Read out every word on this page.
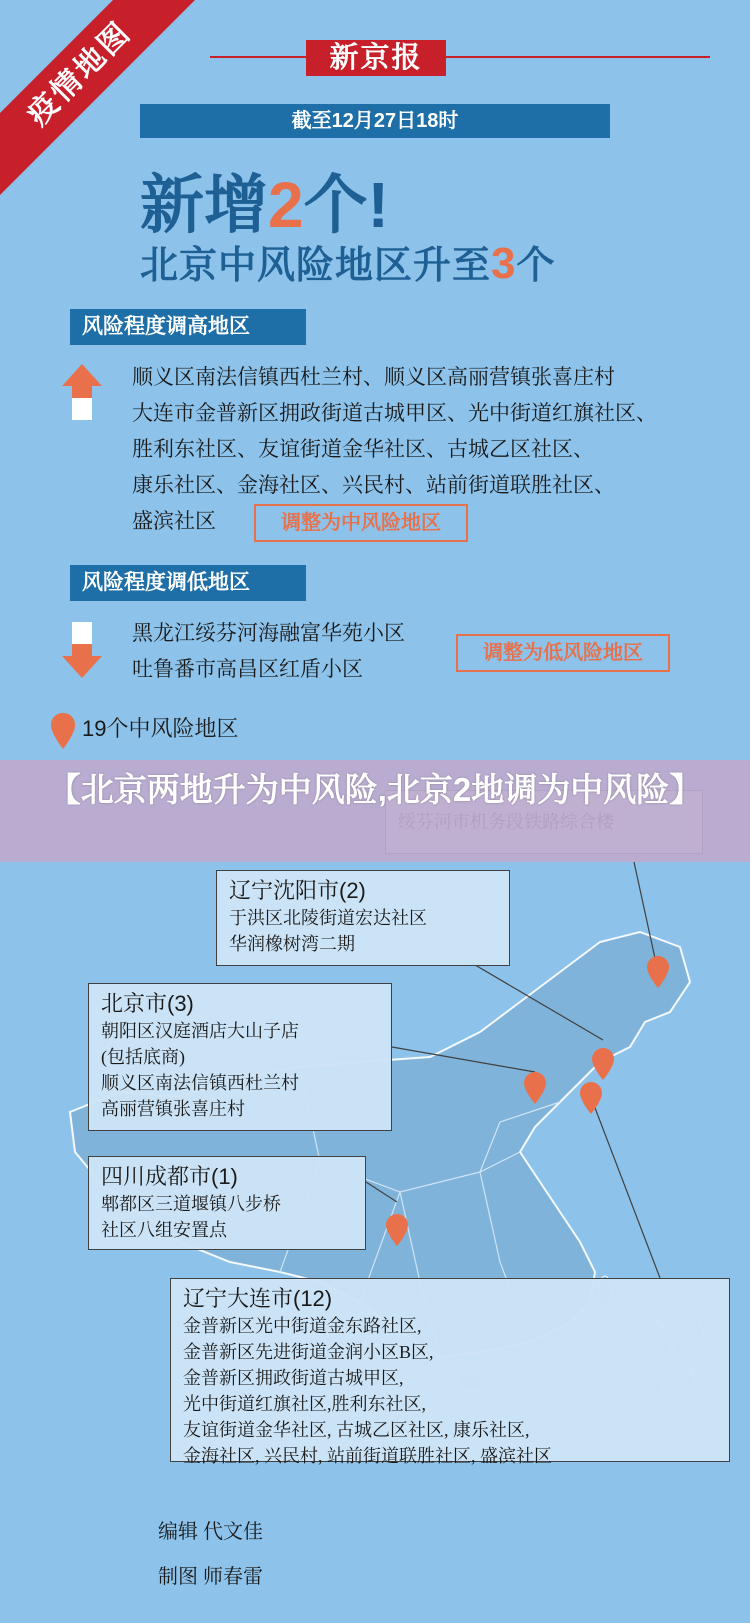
疫情地图	新京报
截至12月27日18时
新增2个!
北京中风险地区升至3个
风险程度调高地区
顺义区南法信镇西杜兰村、顺义区高丽营镇张喜庄村
大连市金普新区拥政街道古城甲区、光中街道红旗社区、
胜利东社区、友谊街道金华社区、古城乙区社区、
康乐社区、金海社区、兴民村、站前街道联胜社区、
盛滨社区	调整为中风险地区
风险程度调低地区
黑龙江绥芬河海融富华苑小区
吐鲁番市高昌区红盾小区
调整为低风险地区
19个中风险地区
辽宁沈阳市(2)
于洪区北陵街道宏达社区
华润橡树湾二期
北京市(3)
朝阳区汉庭酒店大山子店
(包括底商)
顺义区南法信镇西杜兰村
高丽营镇张喜庄村
四川成都市(1)
郫都区三道堰镇八步桥
社区八组安置点
辽宁大连市(12)
金普新区光中街道金东路社区,
金普新区先进街道金润小区B区,
金普新区拥政街道古城甲区,
光中街道红旗社区,胜利东社区,
友谊街道金华社区, 古城乙区社区, 康乐社区,
金海社区, 兴民村, 站前街道联胜社区, 盛滨社区
【北京两地升为中风险,北京2地调为中风险】
编辑 代文佳
制图 师春雷
